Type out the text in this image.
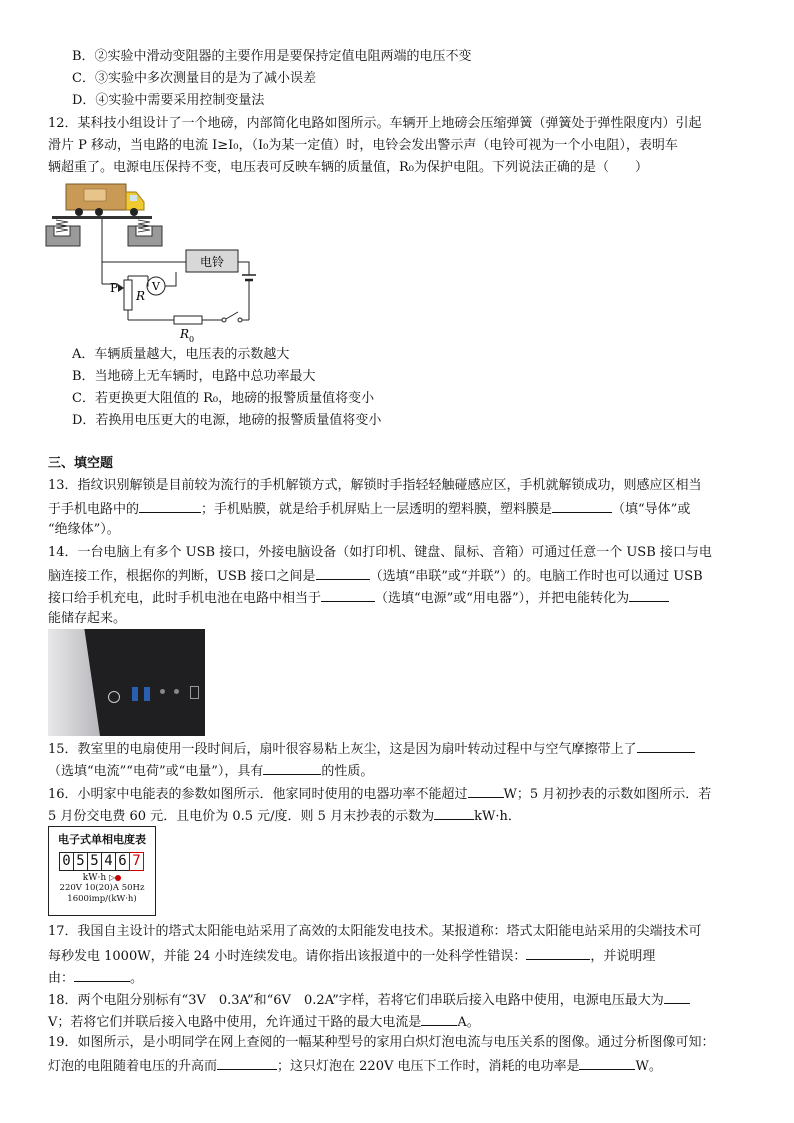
B．②实验中滑动变阻器的主要作用是要保持定值电阻两端的电压不变
C．③实验中多次测量目的是为了减小误差
D．④实验中需要采用控制变量法
12．某科技小组设计了一个地磅，内部简化电路如图所示。车辆开上地磅会压缩弹簧（弹簧处于弹性限度内）引起
滑片 P 移动，当电路的电流 I≥I₀，（I₀为某一定值）时，电铃会发出警示声（电铃可视为一个小电阻），表明车
辆超重了。电源电压保持不变，电压表可反映车辆的质量值，R₀为保护电阻。下列说法正确的是（　　）
电铃
P
R
V
R 0
A．车辆质量越大，电压表的示数越大
B．当地磅上无车辆时，电路中总功率最大
C．若更换更大阻值的 R₀，地磅的报警质量值将变小
D．若换用电压更大的电源，地磅的报警质量值将变小
三、填空题
13．指纹识别解锁是目前较为流行的手机解锁方式，解锁时手指轻轻触碰感应区，手机就解锁成功，则感应区相当
于手机电路中的	；手机贴膜，就是给手机屏贴上一层透明的塑料膜，塑料膜是	（填“导体”或
“绝缘体”）。
14．一台电脑上有多个 USB 接口，外接电脑设备（如打印机、键盘、鼠标、音箱）可通过任意一个 USB 接口与电
脑连接工作，根据你的判断，USB 接口之间是	（选填“串联”或“并联”）的。电脑工作时也可以通过 USB
接口给手机充电，此时手机电池在电路中相当于	（选填“电源”或“用电器”），并把电能转化为
能储存起来。
15．教室里的电扇使用一段时间后，扇叶很容易粘上灰尘，这是因为扇叶转动过程中与空气摩擦带上了
（选填“电流”“电荷”或“电量”），具有	的性质。
16．小明家中电能表的参数如图所示．他家同时使用的电器功率不能超过	W；5 月初抄表的示数如图所示．若
5 月份交电费 60 元．且电价为 0.5 元/度．则 5 月末抄表的示数为	kW·h．
电子式单相电度表
0 5 5 4 6 7
kW·h ▷
220V 10(20)A 50Hz
1600imp/(kW·h)
17．我国自主设计的塔式太阳能电站采用了高效的太阳能发电技术。某报道称：塔式太阳能电站采用的尖端技术可
每秒发电 1000W，并能 24 小时连续发电。请你指出该报道中的一处科学性错误：	，并说明理
由：	。
18．两个电阻分别标有“3V　0.3A”和“6V　0.2A”字样，若将它们串联后接入电路中使用，电源电压最大为
V；若将它们并联后接入电路中使用，允许通过干路的最大电流是	A。
19．如图所示，是小明同学在网上查阅的一幅某种型号的家用白炽灯泡电流与电压关系的图像。通过分析图像可知：
灯泡的电阻随着电压的升高而	；这只灯泡在 220V 电压下工作时，消耗的电功率是	W。
